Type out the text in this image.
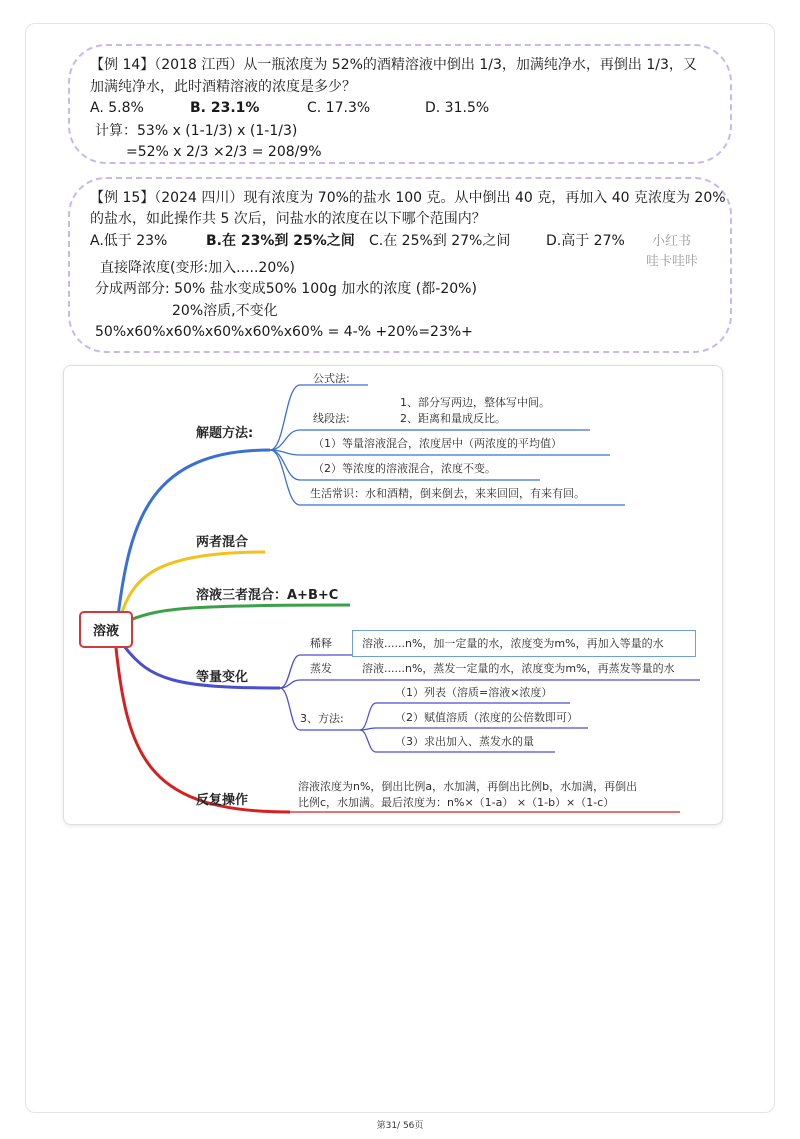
【例 14】（2018 江西）从一瓶浓度为 52%的酒精溶液中倒出 1/3，加满纯净水，再倒出 1/3，又
加满纯净水，此时酒精溶液的浓度是多少？
A. 5.8%	B. 23.1%	C. 17.3%	D. 31.5%
计算：53% x (1-1/3) x (1-1/3)
=52% x 2/3 ×2/3 = 208/9%
【例 15】（2024 四川）现有浓度为 70%的盐水 100 克。从中倒出 40 克，再加入 40 克浓度为 20%
的盐水，如此操作共 5 次后，问盐水的浓度在以下哪个范围内？
A.低于 23%	B.在 23%到 25%之间 C.在 25%到 27%之间	D.高于 27% 小红书
哇卡哇咔
直接降浓度(变形:加入.....20%)
分成两部分: 50% 盐水变成50% 100g 加水的浓度 (都-20%)
20%溶质,不变化
50%x60%x60%x60%x60%x60% = 4-% +20%=23%+
溶液
解题方法:
公式法:
1、部分写两边，整体写中间。
线段法:	2、距离和量成反比。
（1）等量溶液混合，浓度居中（两浓度的平均值）
（2）等浓度的溶液混合，浓度不变。
生活常识：水和酒精，倒来倒去，来来回回，有来有回。
两者混合
溶液三者混合：A+B+C
等量变化
稀释	溶液......n%，加一定量的水，浓度变为m%，再加入等量的水
蒸发	溶液......n%，蒸发一定量的水，浓度变为m%，再蒸发等量的水
3、方法:
（1）列表（溶质=溶液×浓度）
（2）赋值溶质（浓度的公倍数即可）
（3）求出加入、蒸发水的量
反复操作
溶液浓度为n%，倒出比例a，水加满，再倒出比例b，水加满，再倒出
比例c，水加满。最后浓度为：n%×（1-a） ×（1-b）×（1-c）
第31/ 56页
